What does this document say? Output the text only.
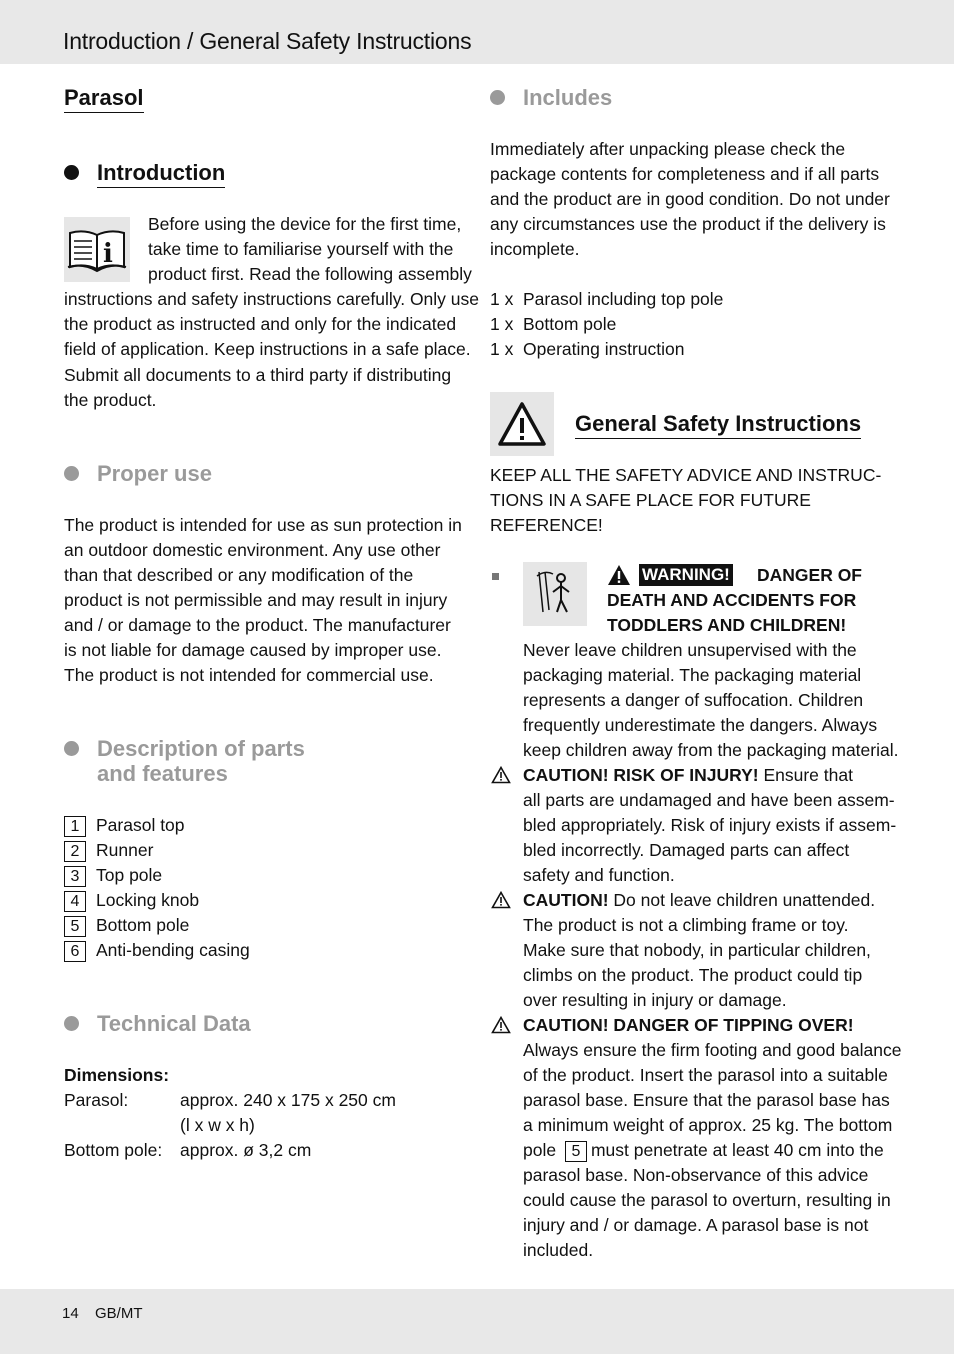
Introduction / General Safety Instructions
Parasol
Introduction
i

Before using the device for the first time,

take time to familiarise yourself with the

product first. Read the following assembly

instructions and safety instructions carefully. Only use

the product as instructed and only for the indicated

field of application. Keep instructions in a safe place.

Submit all documents to a third party if distributing

the product.

Proper use

The product is intended for use as sun protection in

an outdoor domestic environment. Any use other

than that described or any modification of the

product is not permissible and may result in injury

and / or damage to the product. The manufacturer

is not liable for damage caused by improper use.

The product is not intended for commercial use.

Description of parts
and features
1 Parasol top
2 Runner
3 Top pole
4 Locking knob
5 Bottom pole
6 Anti-bending casing
Technical Data

Dimensions:

Parasol:	approx. 240 x 175 x 250 cm

(l x w x h)

Bottom pole: approx. ø 3,2 cm

Includes

Immediately after unpacking please check the

package contents for completeness and if all parts

and the product are in good condition. Do not under

any circumstances use the product if the delivery is

incomplete.

1 x Parasol including top pole

1 x Bottom pole

1 x Operating instruction

General Safety Instructions

KEEP ALL THE SAFETY ADVICE AND INSTRUC-

TIONS IN A SAFE PLACE FOR FUTURE

REFERENCE!

WARNING! DANGER OF

DEATH AND ACCIDENTS FOR

TODDLERS AND CHILDREN!

Never leave children unsupervised with the

packaging material. The packaging material

represents a danger of suffocation. Children

frequently underestimate the dangers. Always

keep children away from the packaging material.

CAUTION! RISK OF INJURY! Ensure that

all parts are undamaged and have been assem-

bled appropriately. Risk of injury exists if assem-

bled incorrectly. Damaged parts can affect

safety and function.

CAUTION! Do not leave children unattended.

The product is not a climbing frame or toy.

Make sure that nobody, in particular children,

climbs on the product. The product could tip

over resulting in injury or damage.

CAUTION! DANGER OF TIPPING OVER!

Always ensure the firm footing and good balance

of the product. Insert the parasol into a suitable

parasol base. Ensure that the parasol base has

a minimum weight of approx. 25 kg. The bottom

pole 5 must penetrate at least 40 cm into the

parasol base. Non-observance of this advice

could cause the parasol to overturn, resulting in

injury and / or damage. A parasol base is not

included.

14 GB/MT
